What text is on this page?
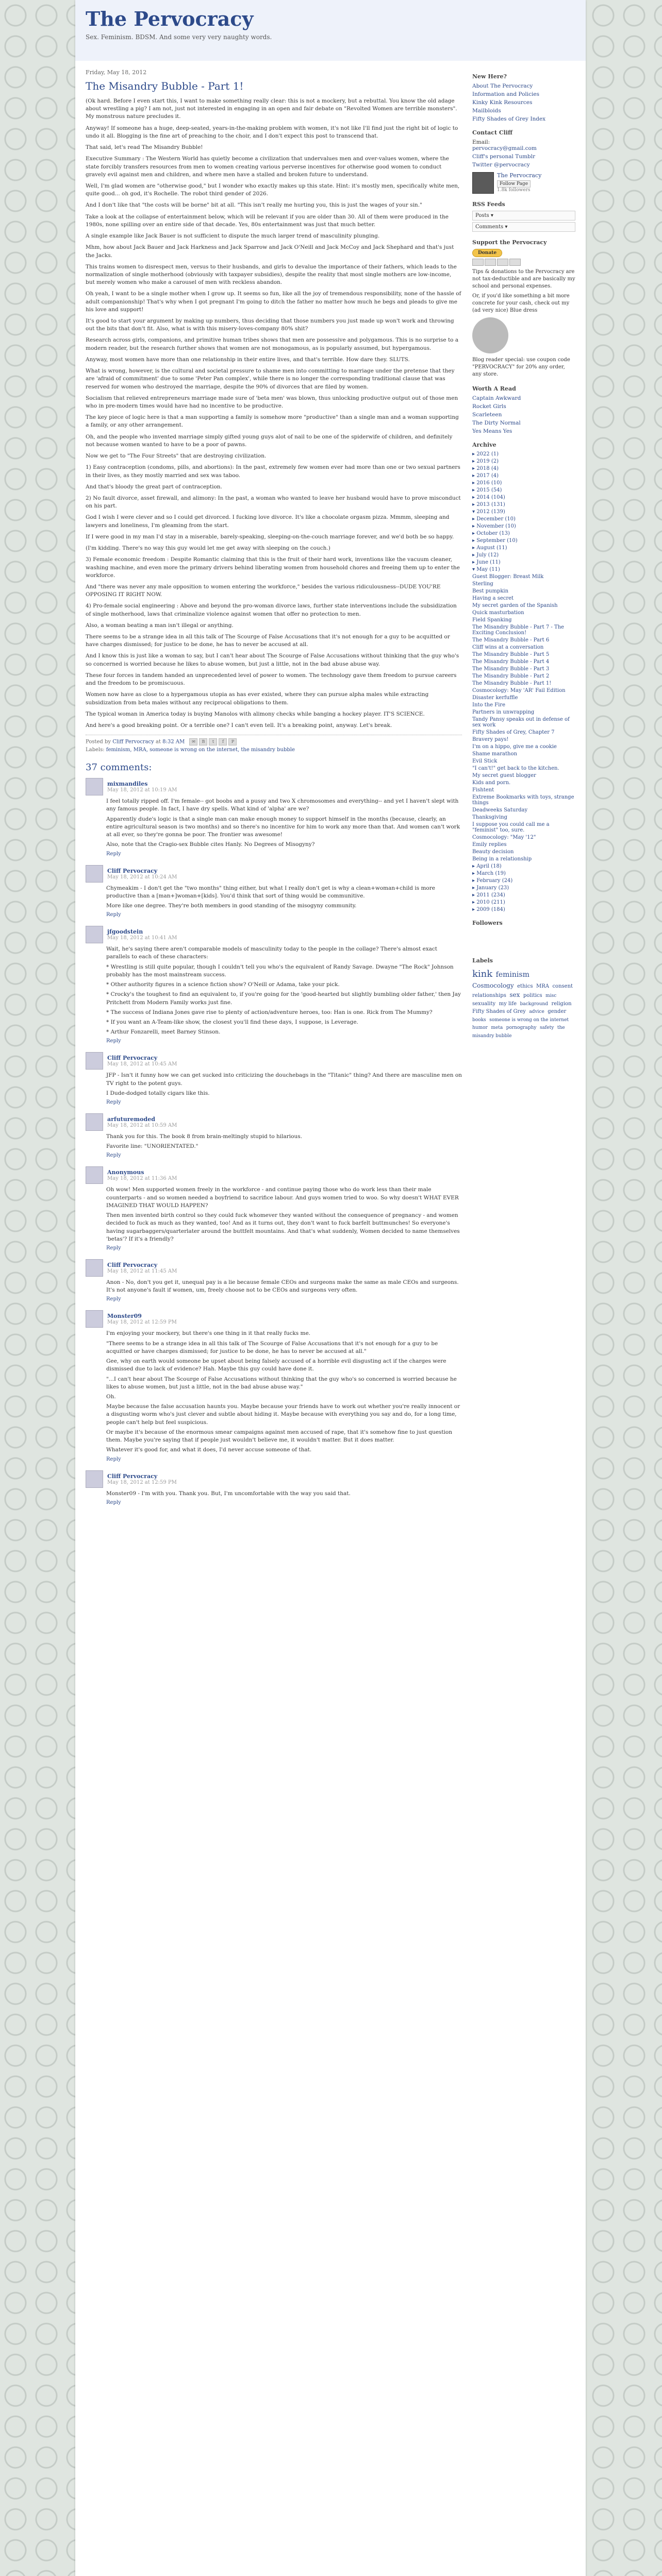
The Pervocracy
Sex. Feminism. BDSM. And some very very naughty words.
Friday, May 18, 2012
The Misandry Bubble - Part 1!

(Ok hard. Before I even start this, I want to make something really clear: this is not a mockery, but a rebuttal. You know the old adage about wrestling a pig? I am not, just not interested in engaging in an open and fair debate on "Revolted Women are terrible monsters". My monstrous nature precludes it.

Anyway! If someone has a huge, deep-seated, years-in-the-making problem with women, it's not like I'll find just the right bit of logic to undo it all. Blogging is the fine art of preaching to the choir, and I don't expect this post to transcend that.

That said, let's read The Misandry Bubble!

Executive Summary : The Western World has quietly become a civilization that undervalues men and over-values women, where the state forcibly transfers resources from men to women creating various perverse incentives for otherwise good women to conduct gravely evil against men and children, and where men have a stalled and broken future to understand.

Well, I'm glad women are "otherwise good," but I wonder who exactly makes up this state. Hint: it's mostly men, specifically white men, quite good... oh god, it's Rochelle. The robot third gender of 2026.

And I don't like that "the costs will be borne" bit at all. "This isn't really me hurting you, this is just the wages of your sin."

Take a look at the collapse of entertainment below, which will be relevant if you are older than 30. All of them were produced in the 1980s, none spilling over an entire side of that decade. Yes, 80s entertainment was just that much better.

A single example like Jack Bauer is not sufficient to dispute the much larger trend of masculinity plunging.

Mhm, how about Jack Bauer and Jack Harkness and Jack Sparrow and Jack O'Neill and Jack McCoy and Jack Shephard and that's just the Jacks.

This trains women to disrespect men, versus to their husbands, and girls to devalue the importance of their fathers, which leads to the normalization of single motherhood (obviously with taxpayer subsidies), despite the reality that most single mothers are low-income, but merely women who make a carousel of men with reckless abandon.

Oh yeah, I want to be a single mother when I grow up. It seems so fun, like all the joy of tremendous responsibility, none of the hassle of adult companionship! That's why when I got pregnant I'm going to ditch the father no matter how much he begs and pleads to give me his love and support!

It's good to start your argument by making up numbers, thus deciding that those numbers you just made up won't work and throwing out the bits that don't fit. Also, what is with this misery-loves-company 80% shit?

Research across girls, companions, and primitive human tribes shows that men are possessive and polygamous. This is no surprise to a modern reader, but the research further shows that women are not monogamous, as is popularly assumed, but hypergamous.

Anyway, most women have more than one relationship in their entire lives, and that's terrible. How dare they. SLUTS.

What is wrong, however, is the cultural and societal pressure to shame men into committing to marriage under the pretense that they are 'afraid of commitment' due to some 'Peter Pan complex', while there is no longer the corresponding traditional clause that was reserved for women who destroyed the marriage, despite the 90% of divorces that are filed by women.

Socialism that relieved entrepreneurs marriage made sure of 'beta men' was blown, thus unlocking productive output out of those men who in pre-modern times would have had no incentive to be productive.

The key piece of logic here is that a man supporting a family is somehow more "productive" than a single man and a woman supporting a family, or any other arrangement.

Oh, and the people who invented marriage simply gifted young guys alot of nail to be one of the spiderwife of children, and definitely not because women wanted to have to be a poor of pawns.

Now we get to "The Four Streets" that are destroying civilization.

1) Easy contraception (condoms, pills, and abortions): In the past, extremely few women ever had more than one or two sexual partners in their lives, as they mostly married and sex was taboo.

And that's bloody the great part of contraception.

2) No fault divorce, asset firewall, and alimony: In the past, a woman who wanted to leave her husband would have to prove misconduct on his part.

God I wish I were clever and so I could get divorced. I fucking love divorce. It's like a chocolate orgasm pizza. Mmmm, sleeping and lawyers and loneliness, I'm gleaming from the start.

If I were good in my man I'd stay in a miserable, barely-speaking, sleeping-on-the-couch marriage forever, and we'd both be so happy.

(I'm kidding. There's no way this guy would let me get away with sleeping on the couch.)

3) Female economic freedom : Despite Romantic claiming that this is the fruit of their hard work, inventions like the vacuum cleaner, washing machine, and even more the primary drivers behind liberating women from household chores and freeing them up to enter the workforce.

And "there was never any male opposition to women entering the workforce," besides the various ridiculousness--DUDE YOU'RE OPPOSING IT RIGHT NOW.

4) Pro-female social engineering : Above and beyond the pro-woman divorce laws, further state interventions include the subsidization of single motherhood, laws that criminalize violence against women that offer no protection to men.

Also, a woman beating a man isn't illegal or anything.

There seems to be a strange idea in all this talk of The Scourge of False Accusations that it's not enough for a guy to be acquitted or have charges dismissed; for justice to be done, he has to never be accused at all.

And I know this is just like a woman to say, but I can't hear about The Scourge of False Accusations without thinking that the guy who's so concerned is worried because he likes to abuse women, but just a little, not in the bad abuse abuse way.

These four forces in tandem handed an unprecedented level of power to women. The technology gave them freedom to pursue careers and the freedom to be promiscuous.

Women now have as close to a hypergamous utopia as has ever existed, where they can pursue alpha males while extracting subsidization from beta males without any reciprocal obligations to them.

The typical woman in America today is buying Manolos with alimony checks while banging a hockey player. IT'S SCIENCE.

And here's a good breaking point. Or a terrible one? I can't even tell. It's a breaking point, anyway. Let's break.

Posted by Cliff Pervocracy at 8:32 AM	✉	B	t	f	P
Labels: feminism, MRA, someone is wrong on the internet, the misandry bubble
37 comments:
mixmandiles
May 18, 2012 at 10:19 AM

I feel totally ripped off. I'm female-- got boobs and a pussy and two X chromosomes and everything-- and yet I haven't slept with any famous people. In fact, I have dry spells. What kind of 'alpha' are we?

Apparently dude's logic is that a single man can make enough money to support himself in the months (because, clearly, an entire agricultural season is two months) and so there's no incentive for him to work any more than that. And women can't work at all ever, so they're gonna be poor. The frontier was awesome!

Also, note that the Cragio-sex Bubble cites Hanly. No Degrees of Misogyny?

Reply
Cliff Pervocracy
May 18, 2012 at 10:24 AM

Chymeakim - I don't get the "two months" thing either, but what I really don't get is why a clean+woman+child is more productive than a [man+]woman+[kids]. You'd think that sort of thing would be communitive.

More like one degree. They're both members in good standing of the misogyny community.

Reply
jfgoodstein
May 18, 2012 at 10:41 AM

Wait, he's saying there aren't comparable models of masculinity today to the people in the collage? There's almost exact parallels to each of these characters:

* Wrestling is still quite popular, though I couldn't tell you who's the equivalent of Randy Savage. Dwayne "The Rock" Johnson probably has the most mainstream success.

* Other authority figures in a science fiction show? O'Neill or Adama, take your pick.

* Crocky's the toughest to find an equivalent to, if you're going for the 'good-hearted but slightly bumbling older father,' then Jay Pritchett from Modern Family works just fine.

* The success of Indiana Jones gave rise to plenty of action/adventure heroes, too: Han is one. Rick from The Mummy?

* If you want an A-Team-like show, the closest you'll find these days, I suppose, is Leverage.

* Arthur Fonzarelli, meet Barney Stinson.

Reply
Cliff Pervocracy
May 18, 2012 at 10:45 AM

JFP - Isn't it funny how we can get sucked into criticizing the douchebags in the "Titanic" thing? And there are masculine men on TV right to the potent guys.

I Dude-dodged totally cigars like this.

Reply
arfuturemoded
May 18, 2012 at 10:59 AM

Thank you for this. The book 8 from brain-meltingly stupid to hilarious.

Favorite line: "UNORIENTATED."

Reply
Anonymous
May 18, 2012 at 11:36 AM

Oh wow! Men supported women freely in the workforce - and continue paying those who do work less than their male counterparts - and so women needed a boyfriend to sacrifice labour. And guys women tried to woo. So why doesn't WHAT EVER IMAGINED THAT WOULD HAPPEN?

Then men invented birth control so they could fuck whomever they wanted without the consequence of pregnancy - and women decided to fuck as much as they wanted, too! And as it turns out, they don't want to fuck barfelt buttmunches! So everyone's having sugarbaggers/quarterlater around the buttfelt mountains. And that's what suddenly, Women decided to name themselves 'betas'? If it's a friendly?

Reply
Cliff Pervocracy
May 18, 2012 at 11:45 AM

Anon - No, don't you get it, unequal pay is a lie because female CEOs and surgeons make the same as male CEOs and surgeons. It's not anyone's fault if women, um, freely choose not to be CEOs and surgeons very often.

Reply
Monster09
May 18, 2012 at 12:59 PM

I'm enjoying your mockery, but there's one thing in it that really fucks me.

"There seems to be a strange idea in all this talk of The Scourge of False Accusations that it's not enough for a guy to be acquitted or have charges dismissed; for justice to be done, he has to never be accused at all."

Gee, why on earth would someone be upset about being falsely accused of a horrible evil disgusting act if the charges were dismissed due to lack of evidence? Hah. Maybe this guy could have done it.

"...I can't hear about The Scourge of False Accusations without thinking that the guy who's so concerned is worried because he likes to abuse women, but just a little, not in the bad abuse abuse way."

Oh.

Maybe because the false accusation haunts you. Maybe because your friends have to work out whether you're really innocent or a disgusting worm who's just clever and subtle about hiding it. Maybe because with everything you say and do, for a long time, people can't help but feel suspicious.

Or maybe it's because of the enormous smear campaigns against men accused of rape, that it's somehow fine to just question them. Maybe you're saying that if people just wouldn't believe me, it wouldn't matter. But it does matter.

Whatever it's good for, and what it does, I'd never accuse someone of that.

Reply
Cliff Pervocracy
May 18, 2012 at 12:59 PM

Monster09 - I'm with you. Thank you. But, I'm uncomfortable with the way you said that.

Reply
New Here?
About The Pervocracy
Information and Policies
Kinky Kink Resources
Mailbloids
Fifty Shades of Grey Index
Contact Cliff
Email:
pervocracy@gmail.com
Cliff's personal Tumblr
Twitter @pervocracy
The Pervocracy
Follow Page
1.8k followers
RSS Feeds
Posts ▾
Comments ▾
Support the Pervocracy
Donate
Tips & donations to the Pervocracy are not tax-deductible and are basically my school and personal expenses.
Or, if you'd like something a bit more concrete for your cash, check out my (ad very nice) Blue dress
Blog reader special: use coupon code "PERVOCRACY" for 20% any order, any store.
Worth A Read
Captain Awkward
Rocket Girls
Scarleteen
The Dirty Normal
Yes Means Yes
Archive
▸ 2022 (1)
▸ 2019 (2)
▸ 2018 (4)
▸ 2017 (4)
▸ 2016 (10)
▸ 2015 (54)
▸ 2014 (104)
▸ 2013 (131)
▾ 2012 (139)
▸ December (10)
▸ November (10)
▸ October (13)
▸ September (10)
▸ August (11)
▸ July (12)
▸ June (11)
▾ May (11)
Guest Blogger: Breast Milk
Sterling
Best pumpkin
Having a secret
My secret garden of the Spanish
Quick masturbation
Field Spanking
The Misandry Bubble - Part 7 - The Exciting Conclusion!
The Misandry Bubble - Part 6
Cliff wins at a conversation
The Misandry Bubble - Part 5
The Misandry Bubble - Part 4
The Misandry Bubble - Part 3
The Misandry Bubble - Part 2
The Misandry Bubble - Part 1!
Cosmocology: May 'AR' Fail Edition
Disaster kerfuffle
Into the Fire
Partners in unwrapping
Tandy Pansy speaks out in defense of sex work
Fifty Shades of Grey, Chapter 7
Bravery pays!
I'm on a hippo, give me a cookie
Shame marathon
Evil Stick
"I can't!" get back to the kitchen.
My secret guest blogger
Kids and porn.
Fishtent
Extreme Bookmarks with toys, strange things
Deadweeks Saturday
Thanksgiving
I suppose you could call me a "feminist" too, sure.
Cosmocology: "May '12"
Emily replies
Beauty decision
Being in a relationship
▸ April (18)
▸ March (19)
▸ February (24)
▸ January (23)
▸ 2011 (234)
▸ 2010 (211)
▸ 2009 (184)
Followers
Labels
kink feminism Cosmocology ethics MRA consent relationships sex politics misc sexuality my life background religion Fifty Shades of Grey advice gender books someone is wrong on the internet humor meta pornography safety the misandry bubble
